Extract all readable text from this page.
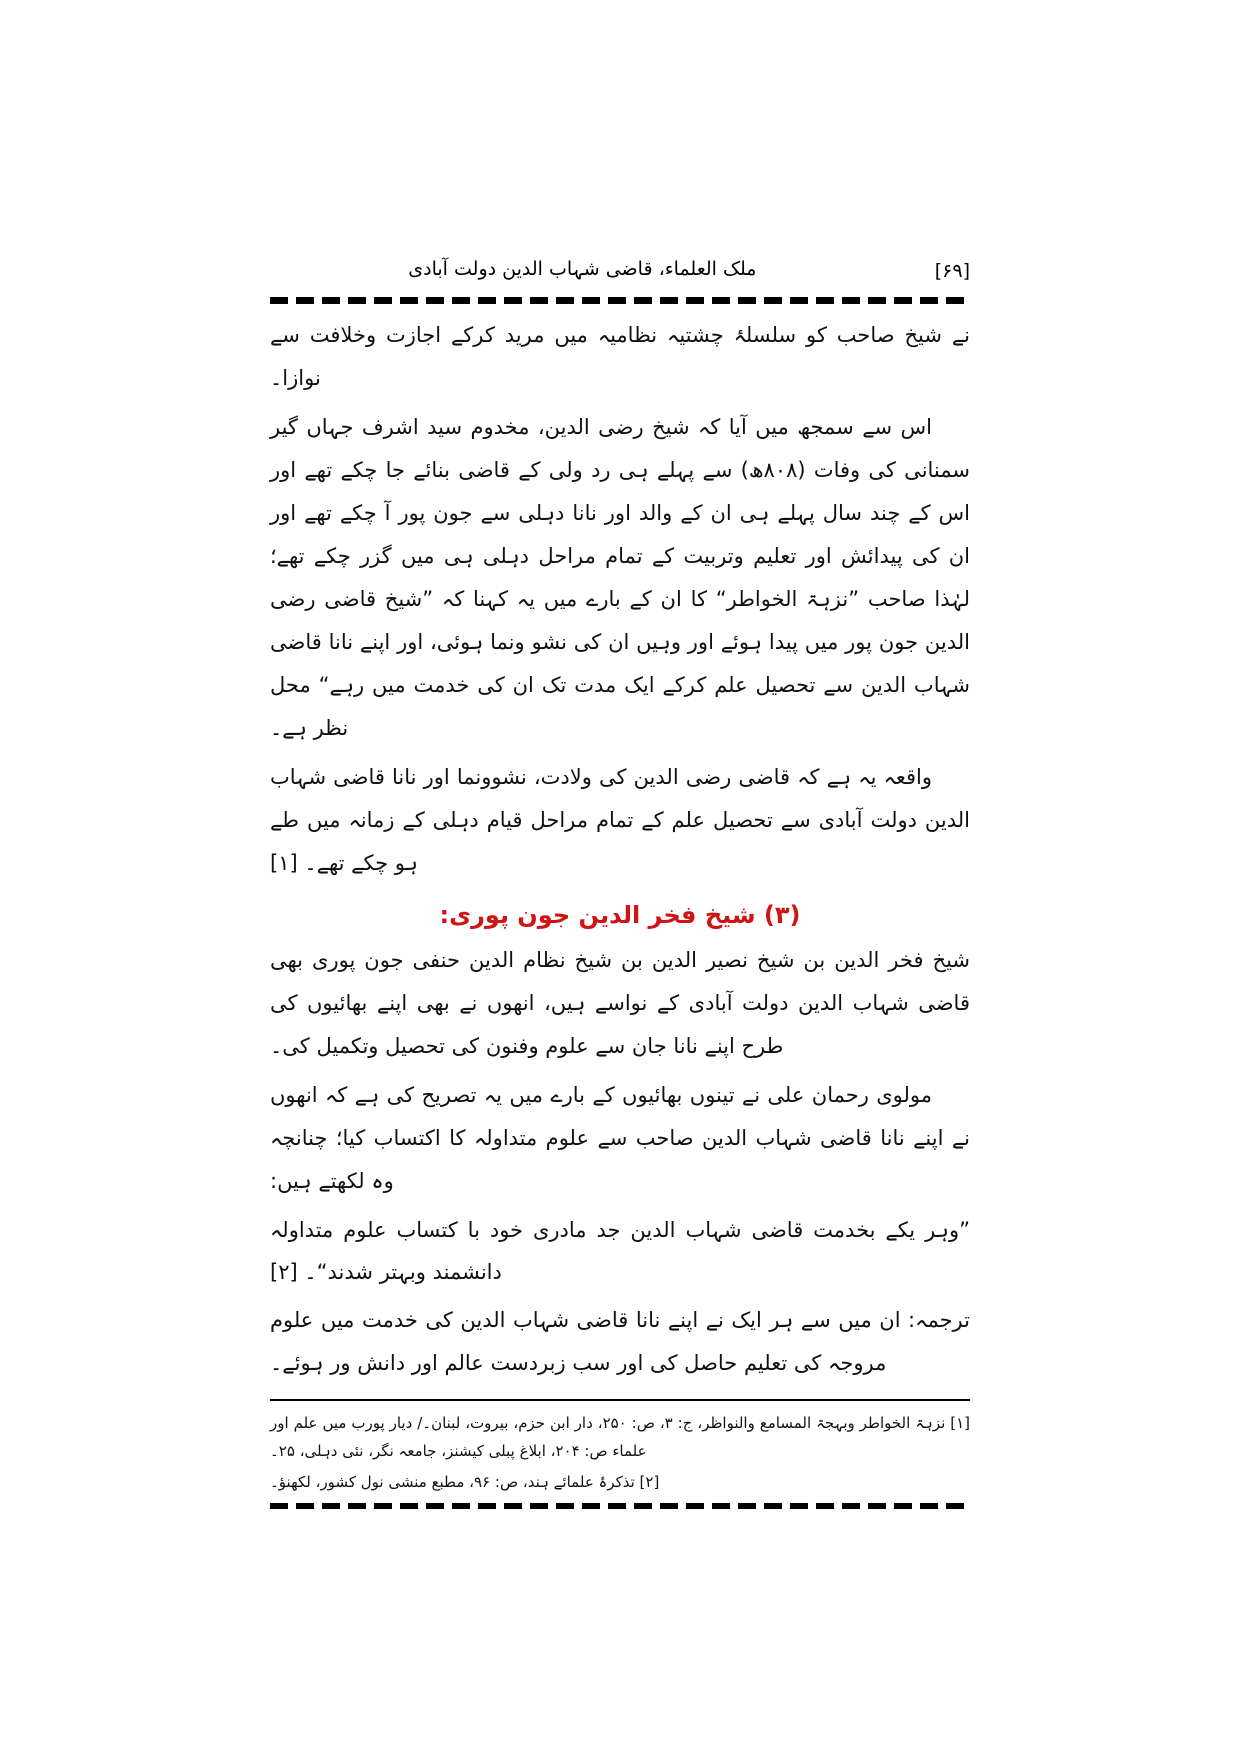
ملک العلماء، قاضی شہاب الدین دولت آبادی	[۶۹]

نے شیخ صاحب کو سلسلۂ چشتیہ نظامیہ میں مرید کرکے اجازت وخلافت سے نوازا۔

اس سے سمجھ میں آیا کہ شیخ رضی الدین، مخدوم سید اشرف جہاں گیر سمنانی کی وفات (۸۰۸ھ) سے پہلے ہی رد ولی کے قاضی بنائے جا چکے تھے اور اس کے چند سال پہلے ہی ان کے والد اور نانا دہلی سے جون پور آ چکے تھے اور ان کی پیدائش اور تعلیم وتربیت کے تمام مراحل دہلی ہی میں گزر چکے تھے؛ لہٰذا صاحب ”نزہۃ الخواطر“ کا ان کے بارے میں یہ کہنا کہ ”شیخ قاضی رضی الدین جون پور میں پیدا ہوئے اور وہیں ان کی نشو ونما ہوئی، اور اپنے نانا قاضی شہاب الدین سے تحصیل علم کرکے ایک مدت تک ان کی خدمت میں رہے“ محل نظر ہے۔

واقعہ یہ ہے کہ قاضی رضی الدین کی ولادت، نشوونما اور نانا قاضی شہاب الدین دولت آبادی سے تحصیل علم کے تمام مراحل قیام دہلی کے زمانہ میں طے ہو چکے تھے۔ [۱]

(۳) شیخ فخر الدین جون پوری:

شیخ فخر الدین بن شیخ نصیر الدین بن شیخ نظام الدین حنفی جون پوری بھی قاضی شہاب الدین دولت آبادی کے نواسے ہیں، انھوں نے بھی اپنے بھائیوں کی طرح اپنے نانا جان سے علوم وفنون کی تحصیل وتکمیل کی۔

مولوی رحمان علی نے تینوں بھائیوں کے بارے میں یہ تصریح کی ہے کہ انھوں نے اپنے نانا قاضی شہاب الدین صاحب سے علوم متداولہ کا اکتساب کیا؛ چنانچہ وہ لکھتے ہیں:

”وہر یکے بخدمت قاضی شہاب الدین جد مادری خود با کتساب علوم متداولہ دانشمند وبہتر شدند“۔ [۲]

ترجمہ: ان میں سے ہر ایک نے اپنے نانا قاضی شہاب الدین کی خدمت میں علوم مروجہ کی تعلیم حاصل کی اور سب زبردست عالم اور دانش ور ہوئے۔

[۱] نزہۃ الخواطر وبہجۃ المسامع والنواظر، ج: ۳، ص: ۲۵۰، دار ابن حزم، بیروت، لبنان۔/ دیار پورب میں علم اور علماء ص: ۲۰۴، ابلاغ پبلی کیشنز، جامعہ نگر، نئی دہلی، ۲۵۔

[۲] تذکرۂ علمائے ہند، ص: ۹۶، مطبع منشی نول کشور، لکھنؤ۔
